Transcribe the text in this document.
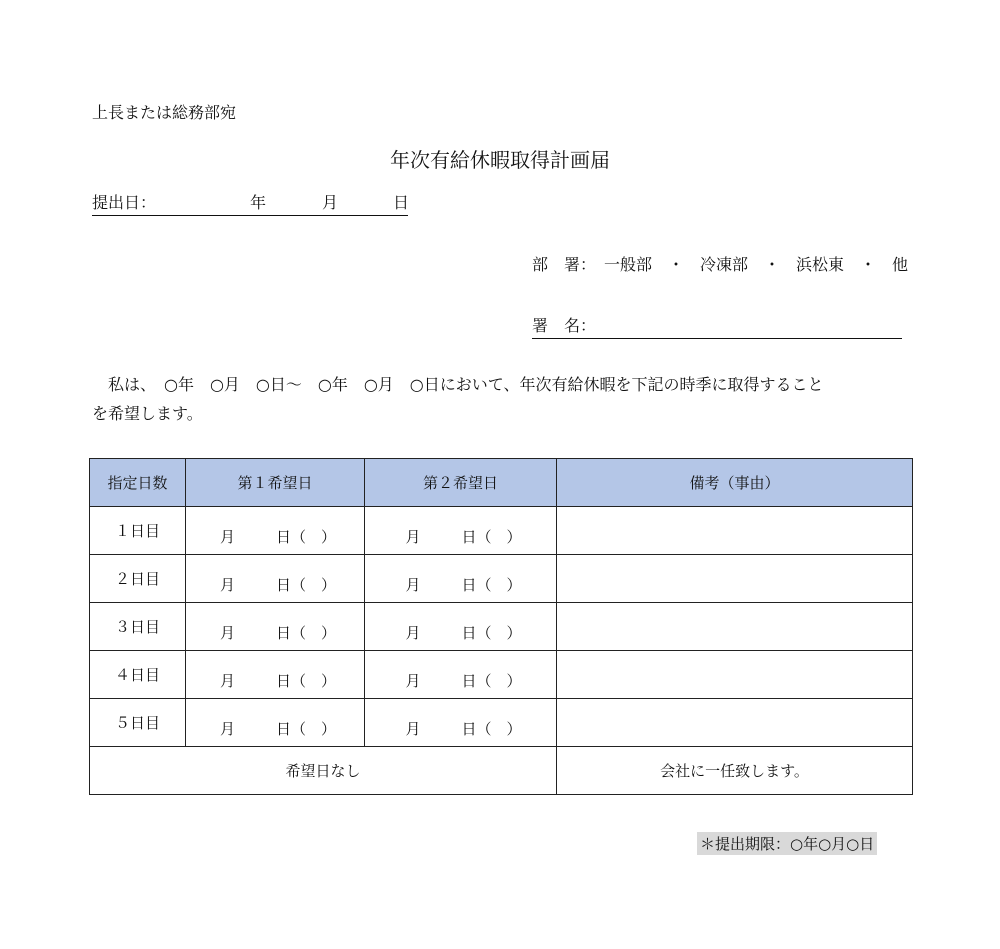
上長または総務部宛
年次有給休暇取得計画届
提出日：	年	月	日
部　署：　一般部　・　冷凍部　・　浜松東　・　他
署　名：
私は、　○年　○月　○日～　○年　○月　○日において、年次有給休暇を下記の時季に取得すること
を希望します。
指定日数	第１希望日	第２希望日	備考（事由）
１日目	月 日（　）	月 日（　）	

２日目	月 日（　）	月 日（　）	

３日目	月 日（　）	月 日（　）	

４日目	月 日（　）	月 日（　）	

５日目	月 日（　）	月 日（　）	

希望日なし			会社に一任致します。
＊提出期限：○年○月○日
